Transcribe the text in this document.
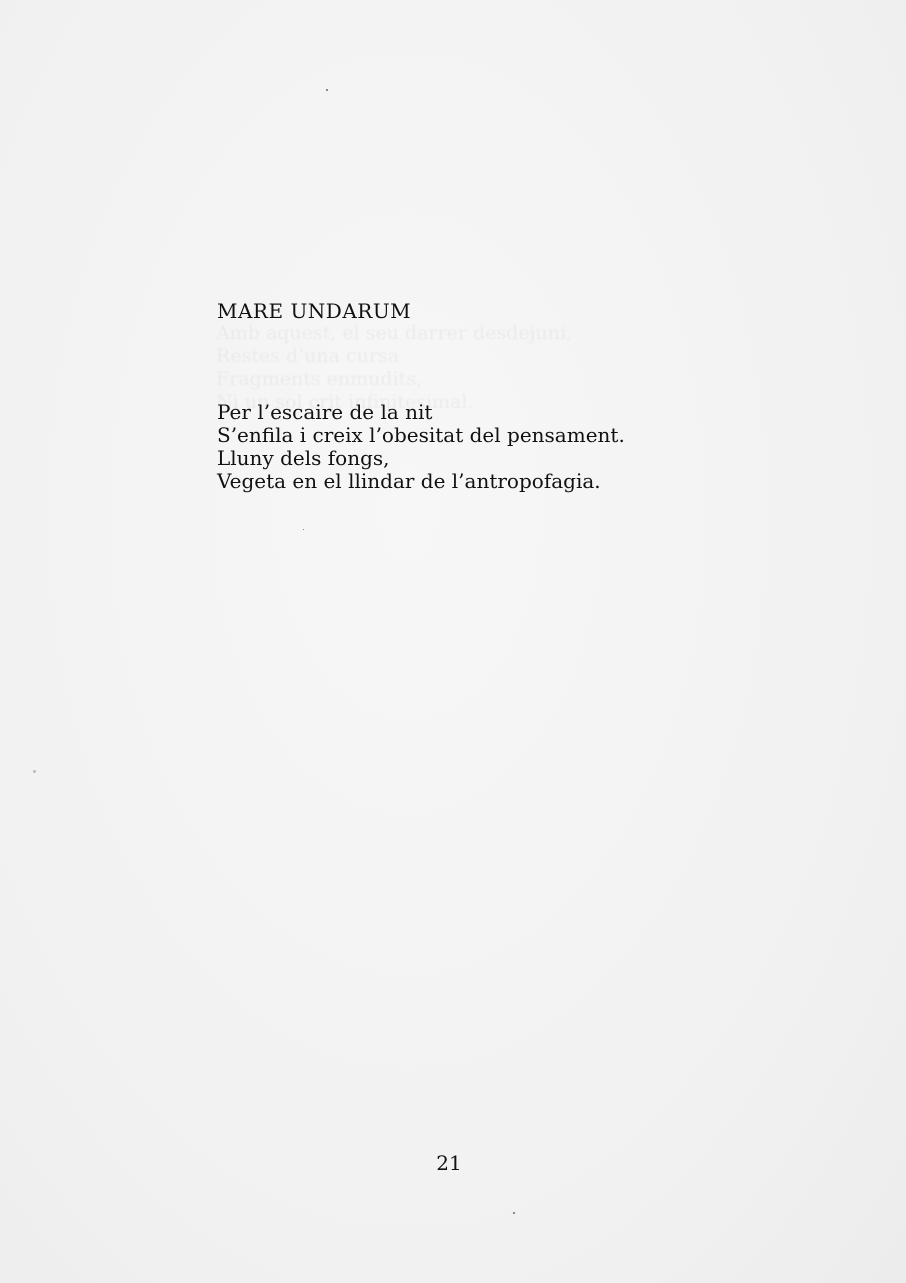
MARE UNDARUM
Per l’escaire de la nit
S’enfila i creix l’obesitat del pensament.
Lluny dels fongs,
Vegeta en el llindar de l’antropofagia.
21
